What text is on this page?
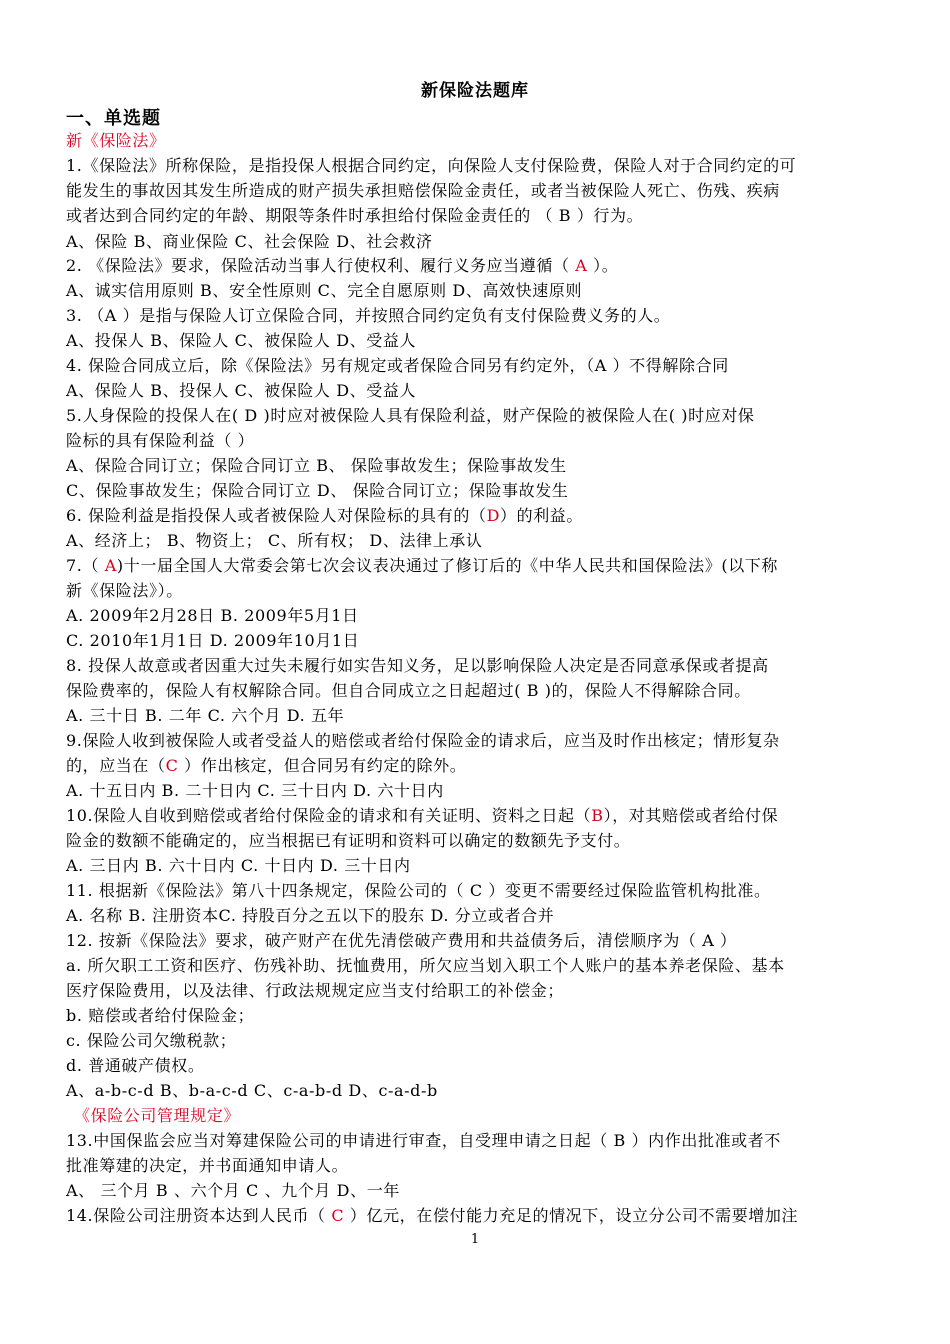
新保险法题库
一、单选题
新《保险法》
1.《保险法》所称保险，是指投保人根据合同约定，向保险人支付保险费，保险人对于合同约定的可
能发生的事故因其发生所造成的财产损失承担赔偿保险金责任，或者当被保险人死亡、伤残、疾病
或者达到合同约定的年龄、期限等条件时承担给付保险金责任的 （ B ）行为。
A、保险 B、商业保险 C、社会保险 D、社会救济
2. 《保险法》要求，保险活动当事人行使权利、履行义务应当遵循（ A ）。
A、诚实信用原则 B、安全性原则 C、完全自愿原则 D、高效快速原则
3. （A ）是指与保险人订立保险合同，并按照合同约定负有支付保险费义务的人。
A、投保人 B、保险人 C、被保险人 D、受益人
4. 保险合同成立后，除《保险法》另有规定或者保险合同另有约定外，（A ）不得解除合同
A、保险人 B、投保人 C、被保险人 D、受益人
5.人身保险的投保人在( D )时应对被保险人具有保险利益，财产保险的被保险人在( )时应对保
险标的具有保险利益（ ）
A、保险合同订立；保险合同订立 B、 保险事故发生；保险事故发生
C、保险事故发生；保险合同订立 D、 保险合同订立；保险事故发生
6. 保险利益是指投保人或者被保险人对保险标的具有的（D）的利益。
A、经济上； B、物资上； C、所有权； D、法律上承认
7.（ A)十一届全国人大常委会第七次会议表决通过了修订后的《中华人民共和国保险法》(以下称
新《保险法》）。
A. 2009年2月28日 B. 2009年5月1日
C. 2010年1月1日 D. 2009年10月1日
8. 投保人故意或者因重大过失未履行如实告知义务，足以影响保险人决定是否同意承保或者提高
保险费率的，保险人有权解除合同。但自合同成立之日起超过( B )的，保险人不得解除合同。
A. 三十日 B. 二年 C. 六个月 D. 五年
9.保险人收到被保险人或者受益人的赔偿或者给付保险金的请求后，应当及时作出核定；情形复杂
的，应当在（C ）作出核定，但合同另有约定的除外。
A. 十五日内 B. 二十日内 C. 三十日内 D. 六十日内
10.保险人自收到赔偿或者给付保险金的请求和有关证明、资料之日起（B），对其赔偿或者给付保
险金的数额不能确定的，应当根据已有证明和资料可以确定的数额先予支付。
A. 三日内 B. 六十日内 C. 十日内 D. 三十日内
11. 根据新《保险法》第八十四条规定，保险公司的（ C ）变更不需要经过保险监管机构批准。
A. 名称 B. 注册资本C. 持股百分之五以下的股东 D. 分立或者合并
12. 按新《保险法》要求，破产财产在优先清偿破产费用和共益债务后，清偿顺序为（ A ）
a. 所欠职工工资和医疗、伤残补助、抚恤费用，所欠应当划入职工个人账户的基本养老保险、基本
医疗保险费用，以及法律、行政法规规定应当支付给职工的补偿金；
b. 赔偿或者给付保险金；
c. 保险公司欠缴税款；
d. 普通破产债权。
A、a-b-c-d B、b-a-c-d C、c-a-b-d D、c-a-d-b
《保险公司管理规定》
13.中国保监会应当对筹建保险公司的申请进行审查，自受理申请之日起（ B ）内作出批准或者不
批准筹建的决定，并书面通知申请人。
A、 三个月 B 、六个月 C 、九个月 D、一年
14.保险公司注册资本达到人民币（ C ）亿元，在偿付能力充足的情况下，设立分公司不需要增加注
1
